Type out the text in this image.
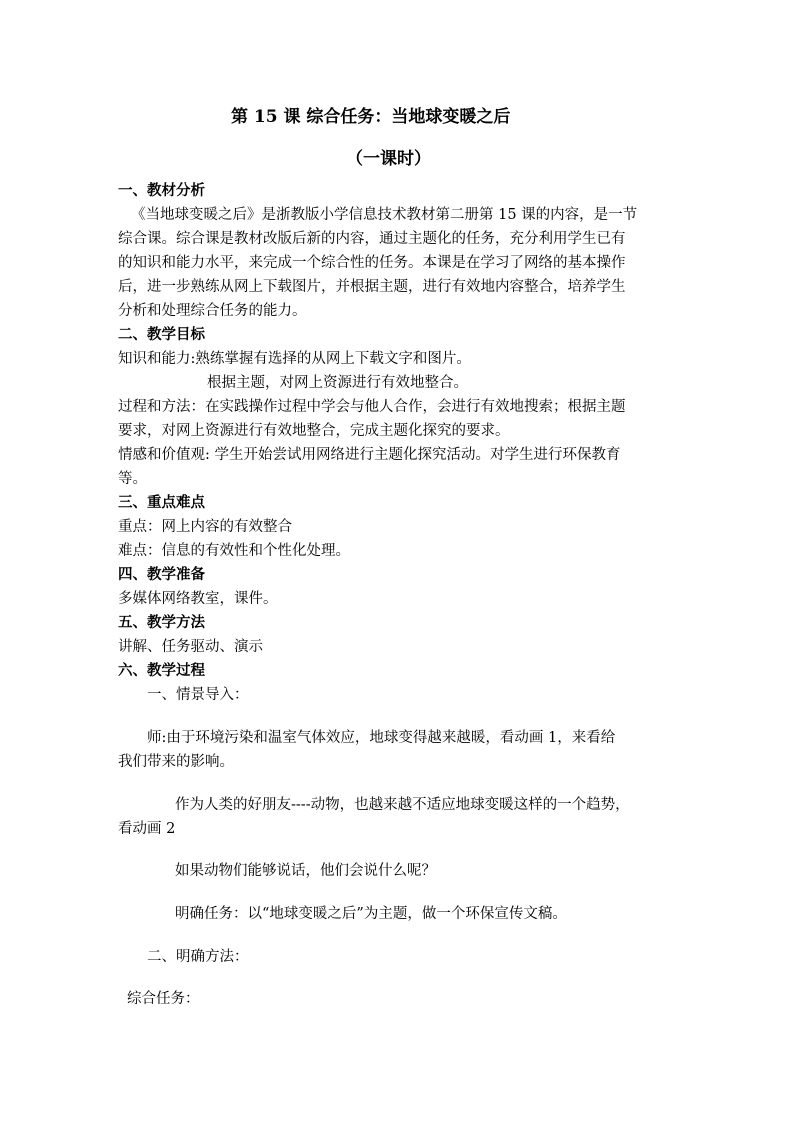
第 15 课 综合任务：当地球变暖之后
（一课时）
一、教材分析
《当地球变暖之后》是浙教版小学信息技术教材第二册第 15 课的内容，是一节
综合课。综合课是教材改版后新的内容，通过主题化的任务，充分利用学生已有
的知识和能力水平，来完成一个综合性的任务。本课是在学习了网络的基本操作
后，进一步熟练从网上下载图片，并根据主题，进行有效地内容整合，培养学生
分析和处理综合任务的能力。
二、教学目标
知识和能力:熟练掌握有选择的从网上下载文字和图片。
根据主题，对网上资源进行有效地整合。
过程和方法：在实践操作过程中学会与他人合作，会进行有效地搜索；根据主题
要求，对网上资源进行有效地整合，完成主题化探究的要求。
情感和价值观: 学生开始尝试用网络进行主题化探究活动。对学生进行环保教育
等。
三、重点难点
重点：网上内容的有效整合
难点：信息的有效性和个性化处理。
四、教学准备
多媒体网络教室，课件。
五、教学方法
讲解、任务驱动、演示
六、教学过程
一、情景导入：
师:由于环境污染和温室气体效应，地球变得越来越暖，看动画 1，来看给
我们带来的影响。
作为人类的好朋友----动物，也越来越不适应地球变暖这样的一个趋势，
看动画 2
如果动物们能够说话，他们会说什么呢？
明确任务：以“地球变暖之后”为主题，做一个环保宣传文稿。
二、明确方法：
综合任务：
